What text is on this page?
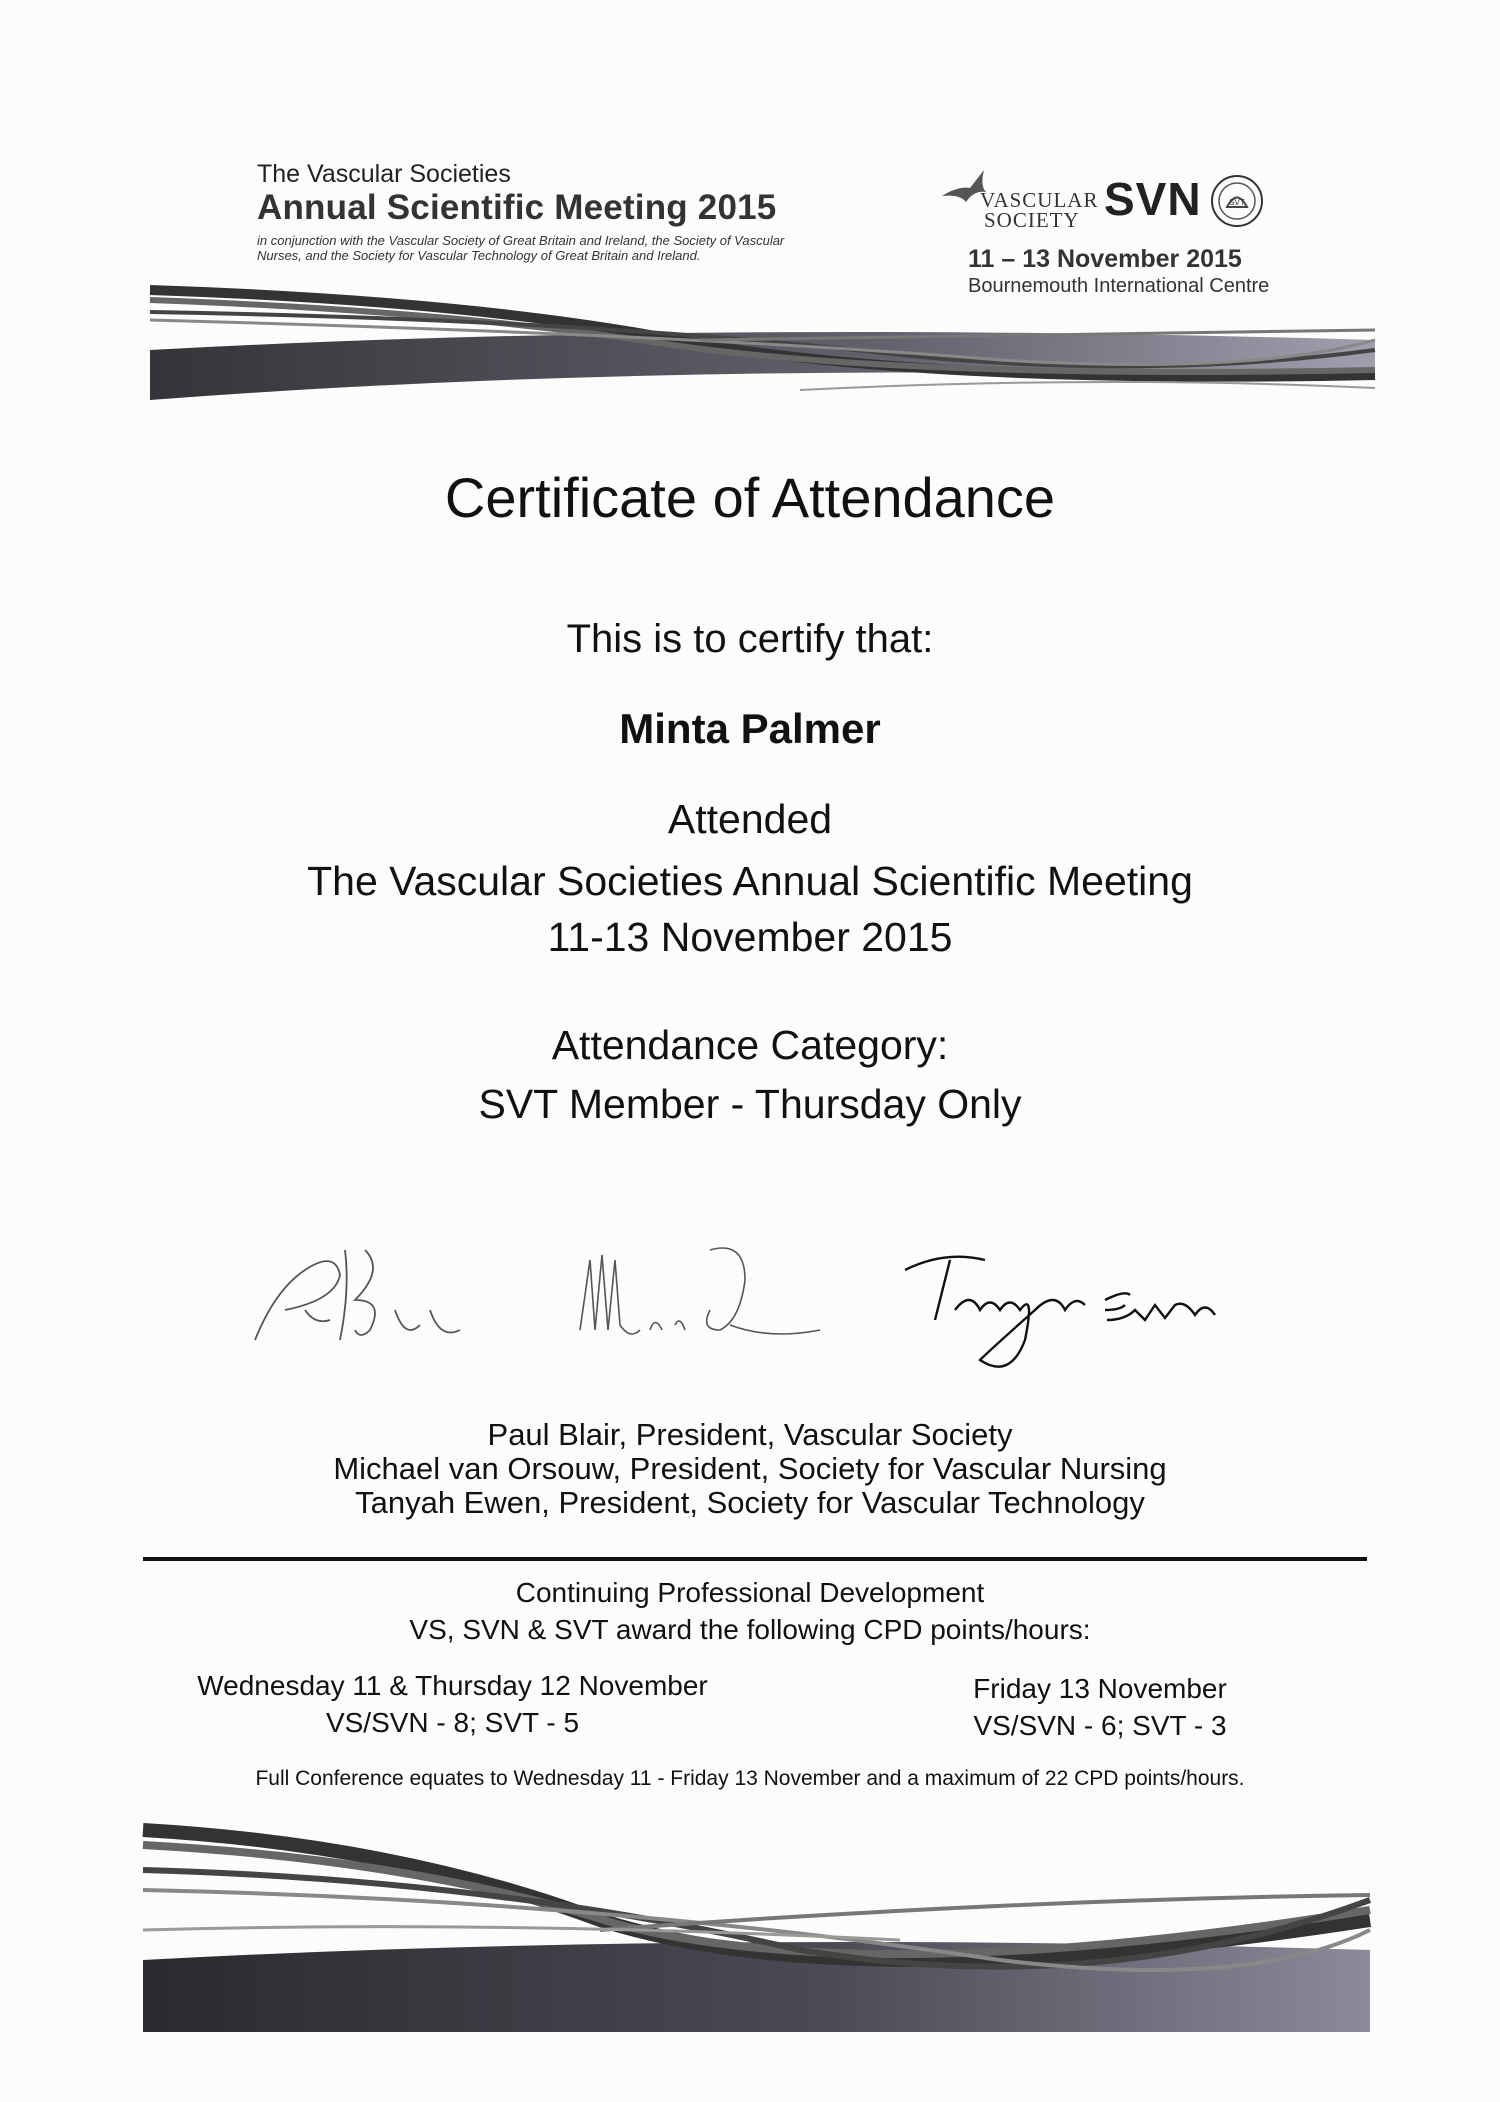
The Vascular Societies
Annual Scientific Meeting 2015
in conjunction with the Vascular Society of Great Britain and Ireland, the Society of Vascular Nurses, and the Society for Vascular Technology of Great Britain and Ireland.
VASCULAR
SOCIETY SVN	SVT
11 – 13 November 2015
Bournemouth International Centre
Certificate of Attendance
This is to certify that:
Minta Palmer
Attended
The Vascular Societies Annual Scientific Meeting
11-13 November 2015
Attendance Category:
SVT Member - Thursday Only
Paul Blair, President, Vascular Society
Michael van Orsouw, President, Society for Vascular Nursing
Tanyah Ewen, President, Society for Vascular Technology
Continuing Professional Development
VS, SVN & SVT award the following CPD points/hours:
Wednesday 11 & Thursday 12 November
VS/SVN - 8; SVT - 5
Friday 13 November
VS/SVN - 6; SVT - 3
Full Conference equates to Wednesday 11 - Friday 13 November and a maximum of 22 CPD points/hours.
